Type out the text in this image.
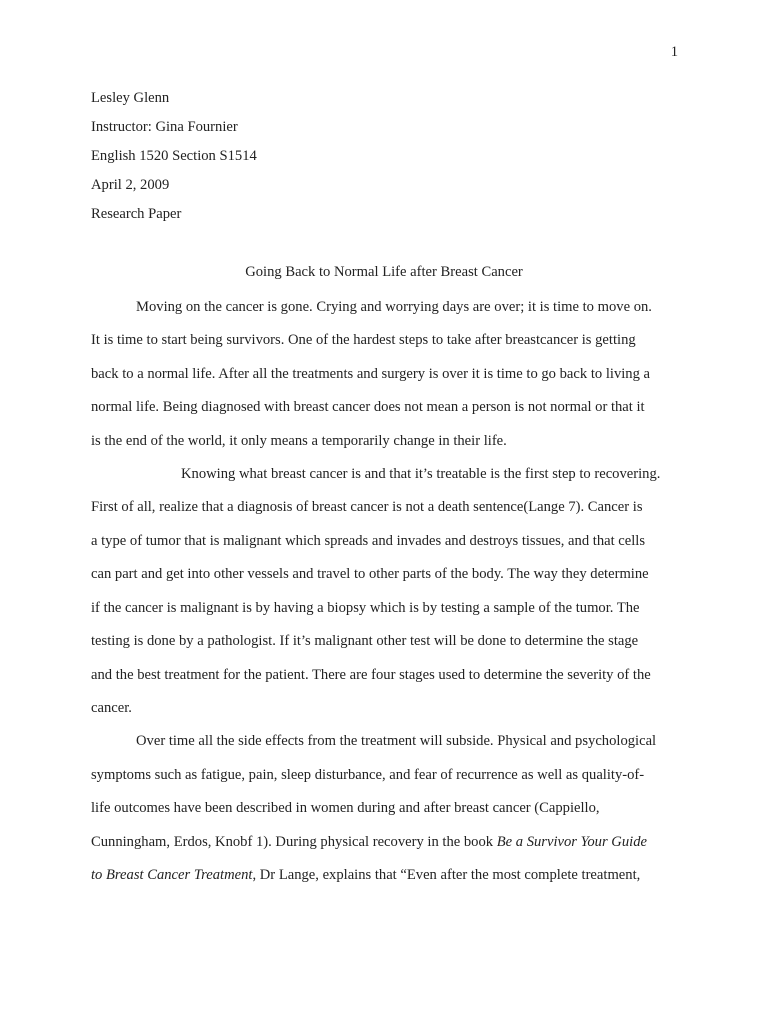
1
Lesley Glenn
Instructor: Gina Fournier
English 1520 Section S1514
April 2, 2009
Research Paper
Going Back to Normal Life after Breast Cancer
Moving on the cancer is gone. Crying and worrying days are over; it is time to move on.
It is time to start being survivors. One of the hardest steps to take after breastcancer is getting
back to a normal life. After all the treatments and surgery is over it is time to go back to living a
normal life. Being diagnosed with breast cancer does not mean a person is not normal or that it
is the end of the world, it only means a temporarily change in their life.
Knowing what breast cancer is and that it’s treatable is the first step to recovering.
First of all, realize that a diagnosis of breast cancer is not a death sentence(Lange 7). Cancer is
a type of tumor that is malignant which spreads and invades and destroys tissues, and that cells
can part and get into other vessels and travel to other parts of the body. The way they determine
if the cancer is malignant is by having a biopsy which is by testing a sample of the tumor. The
testing is done by a pathologist. If it’s malignant other test will be done to determine the stage
and the best treatment for the patient. There are four stages used to determine the severity of the
cancer.
Over time all the side effects from the treatment will subside. Physical and psychological
symptoms such as fatigue, pain, sleep disturbance, and fear of recurrence as well as quality-of-
life outcomes have been described in women during and after breast cancer (Cappiello,
Cunningham, Erdos, Knobf 1). During physical recovery in the book Be a Survivor Your Guide
to Breast Cancer Treatment, Dr Lange, explains that “Even after the most complete treatment,
